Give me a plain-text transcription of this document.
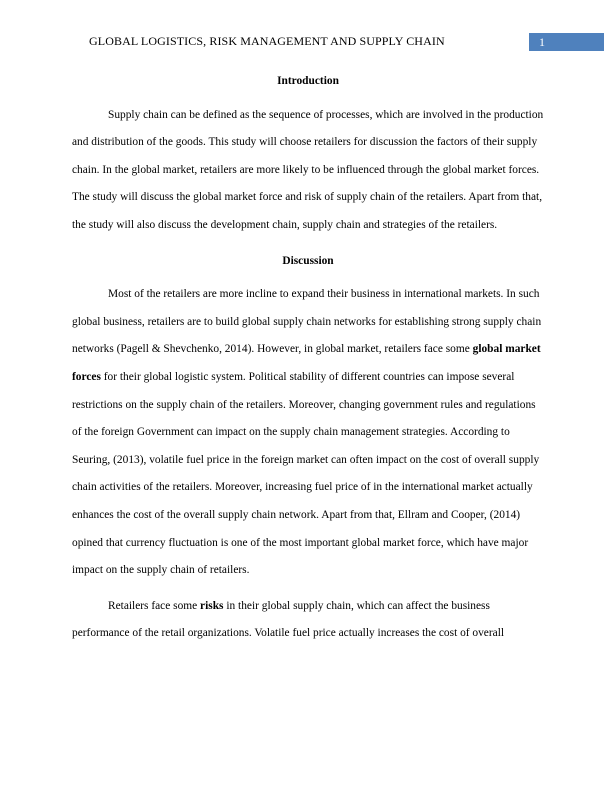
GLOBAL LOGISTICS, RISK MANAGEMENT AND SUPPLY CHAIN	1
Introduction

Supply chain can be defined as the sequence of processes, which are involved in the production and distribution of the goods. This study will choose retailers for discussion the factors of their supply chain. In the global market, retailers are more likely to be influenced through the global market forces. The study will discuss the global market force and risk of supply chain of the retailers. Apart from that, the study will also discuss the development chain, supply chain and strategies of the retailers.

Discussion

Most of the retailers are more incline to expand their business in international markets. In such global business, retailers are to build global supply chain networks for establishing strong supply chain networks (Pagell & Shevchenko, 2014). However, in global market, retailers face some global market forces for their global logistic system. Political stability of different countries can impose several restrictions on the supply chain of the retailers. Moreover, changing government rules and regulations of the foreign Government can impact on the supply chain management strategies. According to Seuring, (2013), volatile fuel price in the foreign market can often impact on the cost of overall supply chain activities of the retailers. Moreover, increasing fuel price of in the international market actually enhances the cost of the overall supply chain network. Apart from that, Ellram and Cooper, (2014) opined that currency fluctuation is one of the most important global market force, which have major impact on the supply chain of retailers.

Retailers face some risks in their global supply chain, which can affect the business performance of the retail organizations. Volatile fuel price actually increases the cost of overall
